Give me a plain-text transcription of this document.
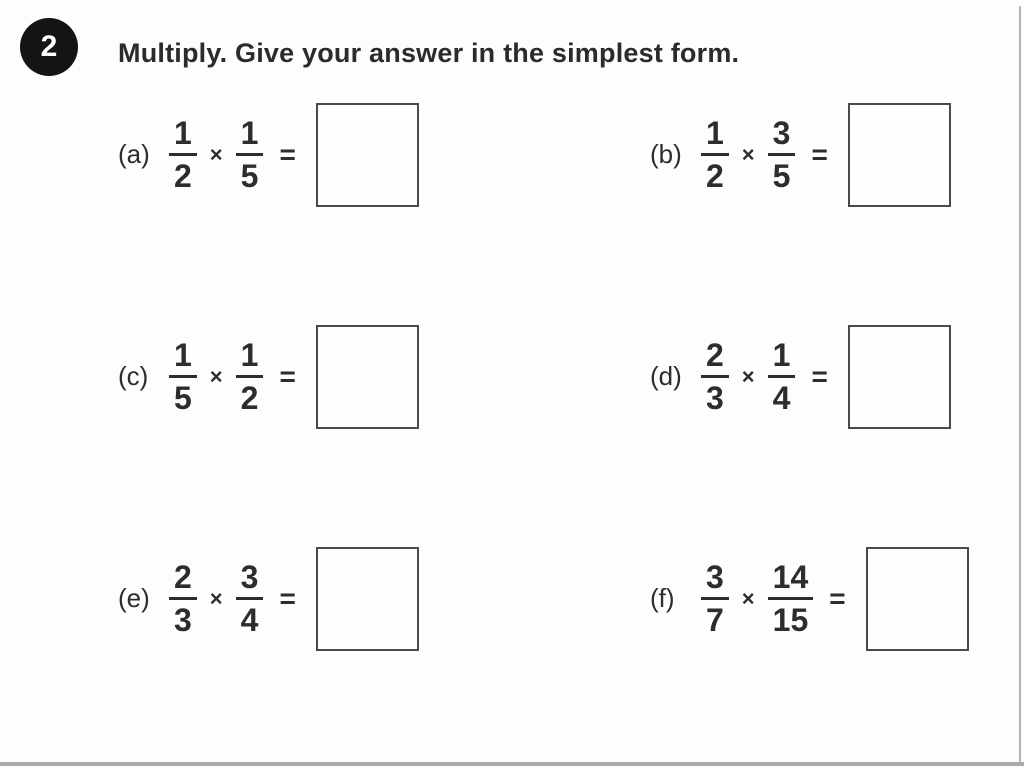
2 Multiply. Give your answer in the simplest form.
$(a) \frac{1}{2} \times \frac{1}{5}$ =	$(b) \frac{1}{2} \times \frac{3}{5}$ =
$(c) \frac{1}{5} \times \frac{1}{2}$ =	$(d) \frac{2}{3} \times \frac{1}{4}$ =
$(e) \frac{2}{3} \times \frac{3}{4}$ =	$(f) \frac{3}{7} \times \frac{14}{15}$ =
